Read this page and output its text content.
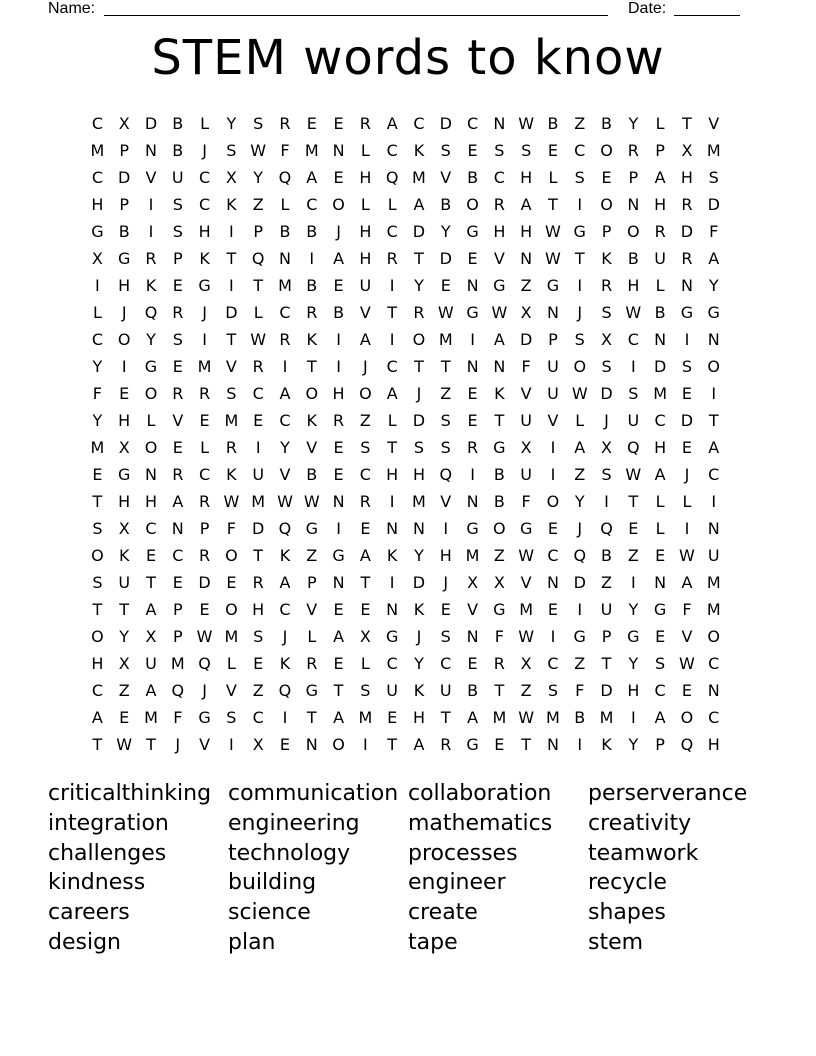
Name:	Date:
STEM words to know
C X D B	L	Y	S	R	E	E	R A C D C N W B Z B	Y	L	T	V
M P N B	J	S W F M N	L	C K	S	E	S	S	E	C O R	P	X M
C D V U C X	Y Q A	E H Q M V B C H	L	S	E	P	A H S
H P	I	S	C K	Z	L	C O	L	L	A B O R A	T	I	O N H R D
G B	I	S H	I	P	B B	J	H C D Y G H H W G P O R D	F
X G R	P	K	T Q N	I	A H R	T D E	V N W T	K	B U R A
I	H K	E G	I	T M B	E U	I	Y	E N G Z G	I	R H	L	N Y
L	J	Q R	J	D	L	C R B V	T	R W G W X N	J	S W B G G
C O Y	S	I	T W R K	I	A	I	O M	I	A D P	S	X C N	I	N
Y	I	G E M V R	I	T	I	J	C	T	T N N	F	U O S	I	D S O
F	E O R R	S	C A O H O A	J	Z	E	K	V U W D S M E	I
Y H	L	V	E M E	C K R Z	L	D S	E	T	U V	L	J	U C D T
M X O E	L	R	I	Y	V	E	S	T	S	S	R G X	I	A X Q H E	A
E G N R C K U V B	E	C H H Q	I	B U	I	Z	S W A	J	C
T H H A R W M W W N R	I	M V N B	F O Y	I	T	L	L	I
S	X C N P	F	D Q G	I	E N N	I	G O G E	J	Q E	L	I	N
O K	E	C R O T	K	Z G A	K	Y H M Z W C Q B Z	E W U
S U	T	E D E	R A	P N T	I	D	J	X X V N D Z	I	N A M
T	T	A	P	E O H C V	E	E N K	E	V G M E	I	U	Y G	F M
O Y	X	P W M S	J	L	A X G	J	S N	F W	I	G P G E	V O
H X U M Q	L	E	K R	E	L	C	Y	C	E	R X C Z	T	Y	S W C
C Z A Q	J	V Z Q G T	S U K U B	T	Z	S	F	D H C	E N
A	E M F G S	C	I	T	A M E H T	A M W M B M	I	A O C
T W T	J	V	I	X	E N O	I	T	A R G E	T N	I	K	Y	P Q H
criticalthinking communication collaboration	perserverance
integration	engineering	mathematics	creativity
challenges	technology	processes	teamwork
kindness	building	engineer	recycle
careers	science	create	shapes
design	plan	tape	stem
